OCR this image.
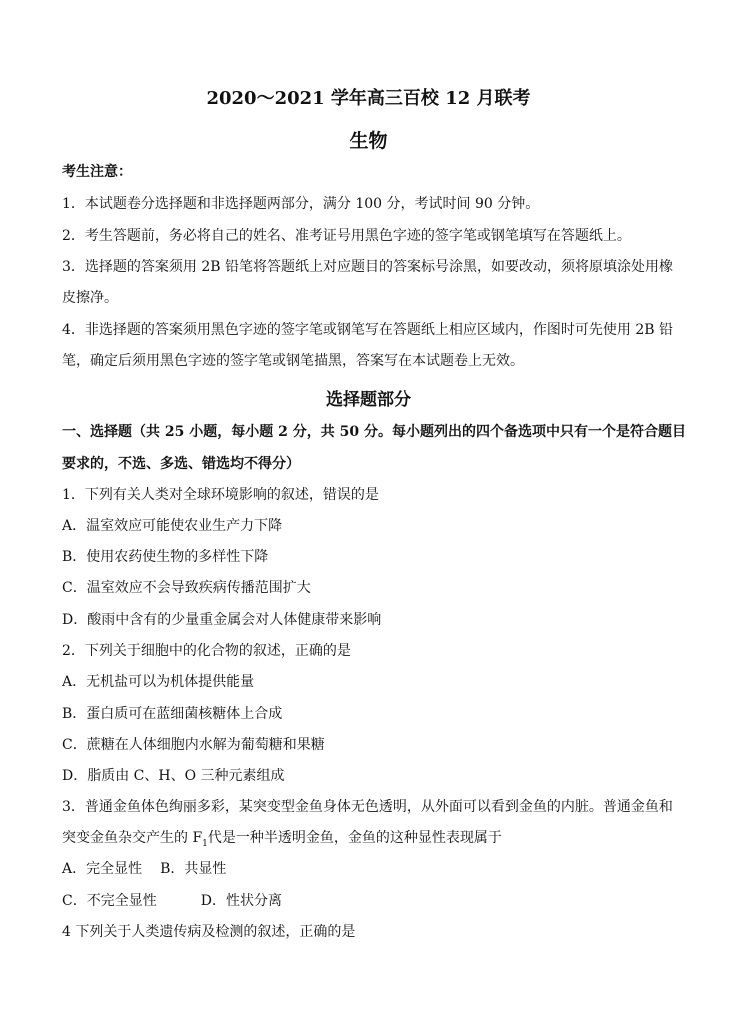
2020～2021 学年高三百校 12 月联考
生物
考生注意：
1．本试题卷分选择题和非选择题两部分，满分 100 分，考试时间 90 分钟。
2．考生答题前，务必将自己的姓名、准考证号用黑色字迹的签字笔或钢笔填写在答题纸上。
3．选择题的答案须用 2B 铅笔将答题纸上对应题目的答案标号涂黑，如要改动，须将原填涂处用橡
皮擦净。
4．非选择题的答案须用黑色字迹的签字笔或钢笔写在答题纸上相应区域内，作图时可先使用 2B 铅
笔，确定后须用黑色字迹的签字笔或钢笔描黑，答案写在本试题卷上无效。
选择题部分
一、选择题（共 25 小题，每小题 2 分，共 50 分。每小题列出的四个备选项中只有一个是符合题目
要求的，不选、多选、错选均不得分）
1．下列有关人类对全球环境影响的叙述，错误的是
A．温室效应可能使农业生产力下降
B．使用农药使生物的多样性下降
C．温室效应不会导致疾病传播范围扩大
D．酸雨中含有的少量重金属会对人体健康带来影响
2．下列关于细胞中的化合物的叙述，正确的是
A．无机盐可以为机体提供能量
B．蛋白质可在蓝细菌核糖体上合成
C．蔗糖在人体细胞内水解为葡萄糖和果糖
D．脂质由 C、H、O 三种元素组成
3．普通金鱼体色绚丽多彩，某突变型金鱼身体无色透明，从外面可以看到金鱼的内脏。普通金鱼和
突变金鱼杂交产生的 $F_1$代是一种半透明金鱼，金鱼的这种显性表现属于
A．完全显性 B．共显性
C．不完全显性	D．性状分离
4 下列关于人类遗传病及检测的叙述，正确的是
